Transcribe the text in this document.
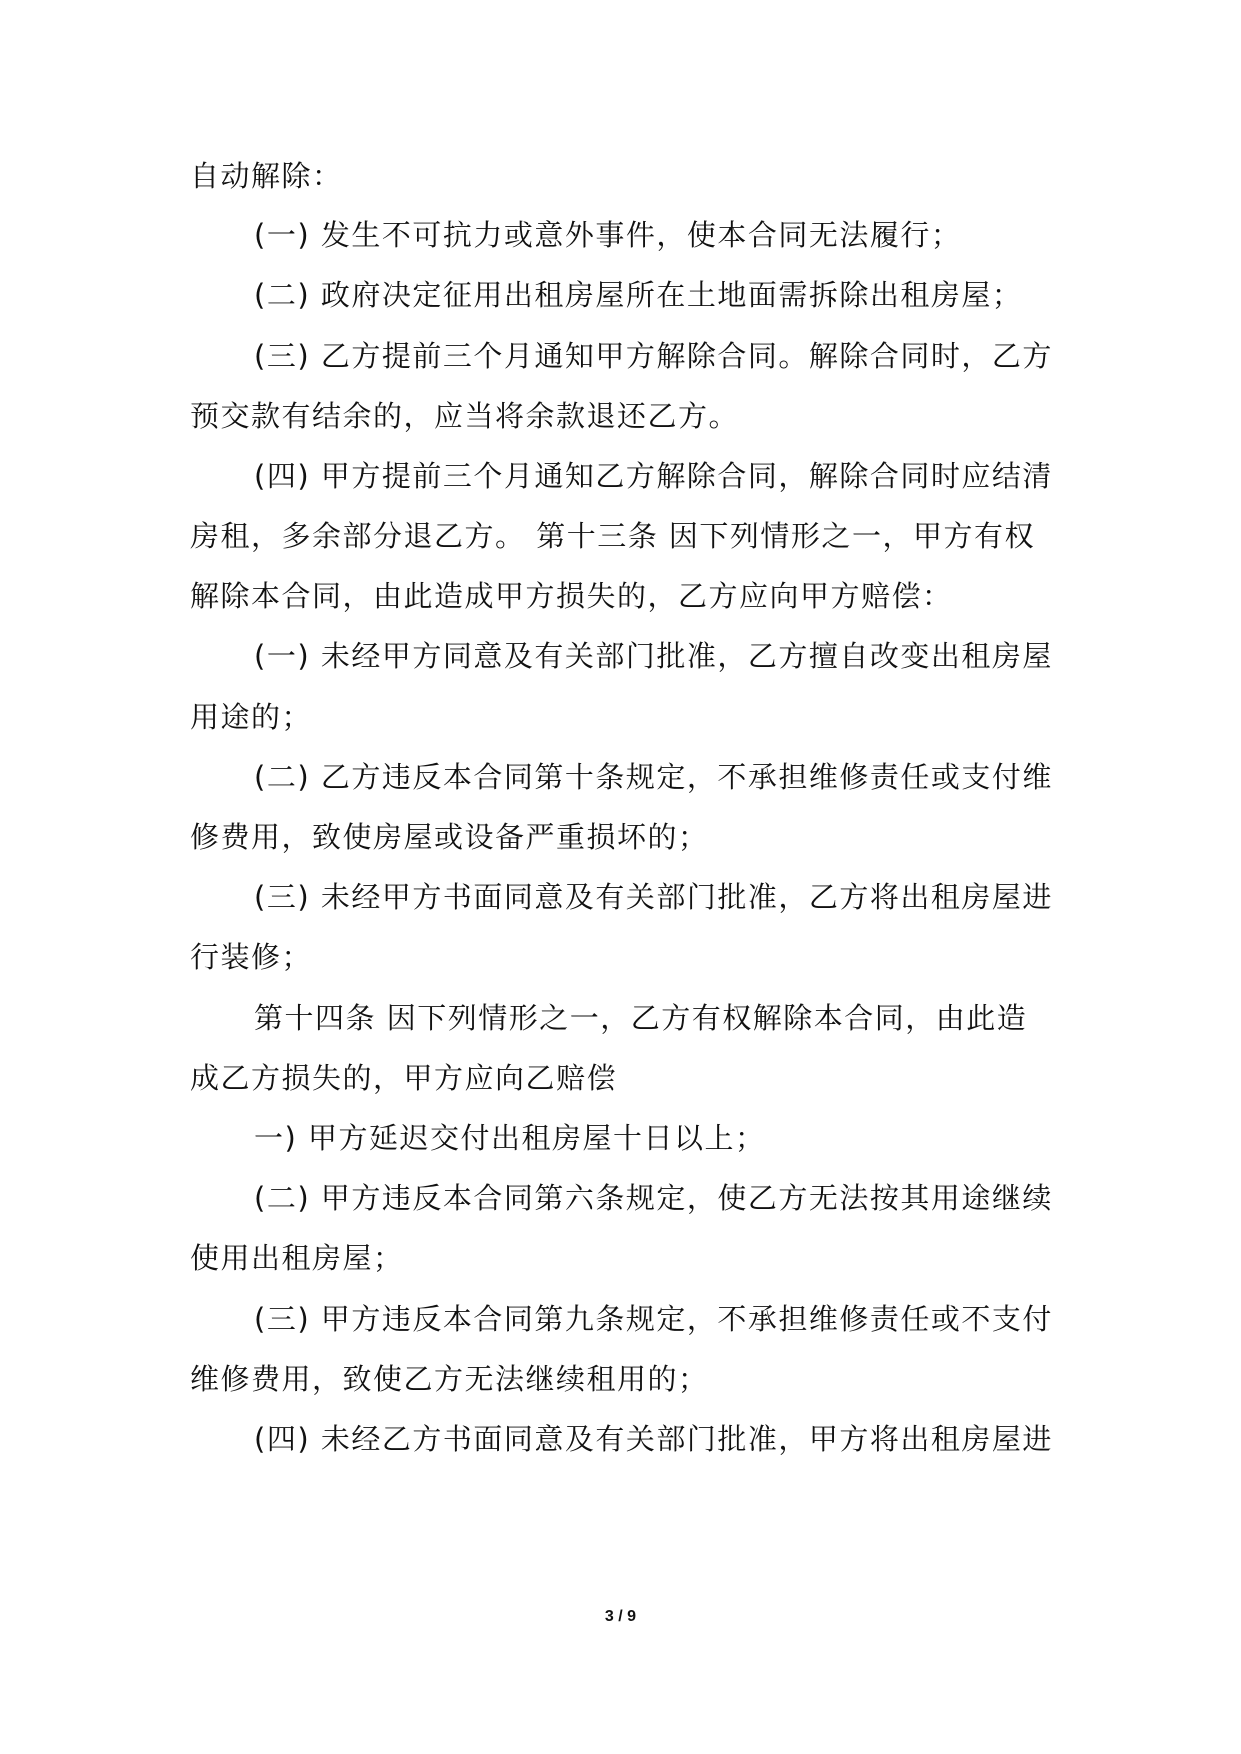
自动解除：
(一) 发生不可抗力或意外事件，使本合同无法履行；
(二) 政府决定征用出租房屋所在土地面需拆除出租房屋；
(三) 乙方提前三个月通知甲方解除合同。解除合同时，乙方
预交款有结余的，应当将余款退还乙方。
(四) 甲方提前三个月通知乙方解除合同，解除合同时应结清
房租，多余部分退乙方。 第十三条 因下列情形之一，甲方有权
解除本合同，由此造成甲方损失的，乙方应向甲方赔偿：
(一) 未经甲方同意及有关部门批准，乙方擅自改变出租房屋
用途的；
(二) 乙方违反本合同第十条规定，不承担维修责任或支付维
修费用，致使房屋或设备严重损坏的；
(三) 未经甲方书面同意及有关部门批准，乙方将出租房屋进
行装修；
第十四条 因下列情形之一，乙方有权解除本合同，由此造
成乙方损失的，甲方应向乙赔偿
一) 甲方延迟交付出租房屋十日以上；
(二) 甲方违反本合同第六条规定，使乙方无法按其用途继续
使用出租房屋；
(三) 甲方违反本合同第九条规定，不承担维修责任或不支付
维修费用，致使乙方无法继续租用的；
(四) 未经乙方书面同意及有关部门批准，甲方将出租房屋进
3 / 9
